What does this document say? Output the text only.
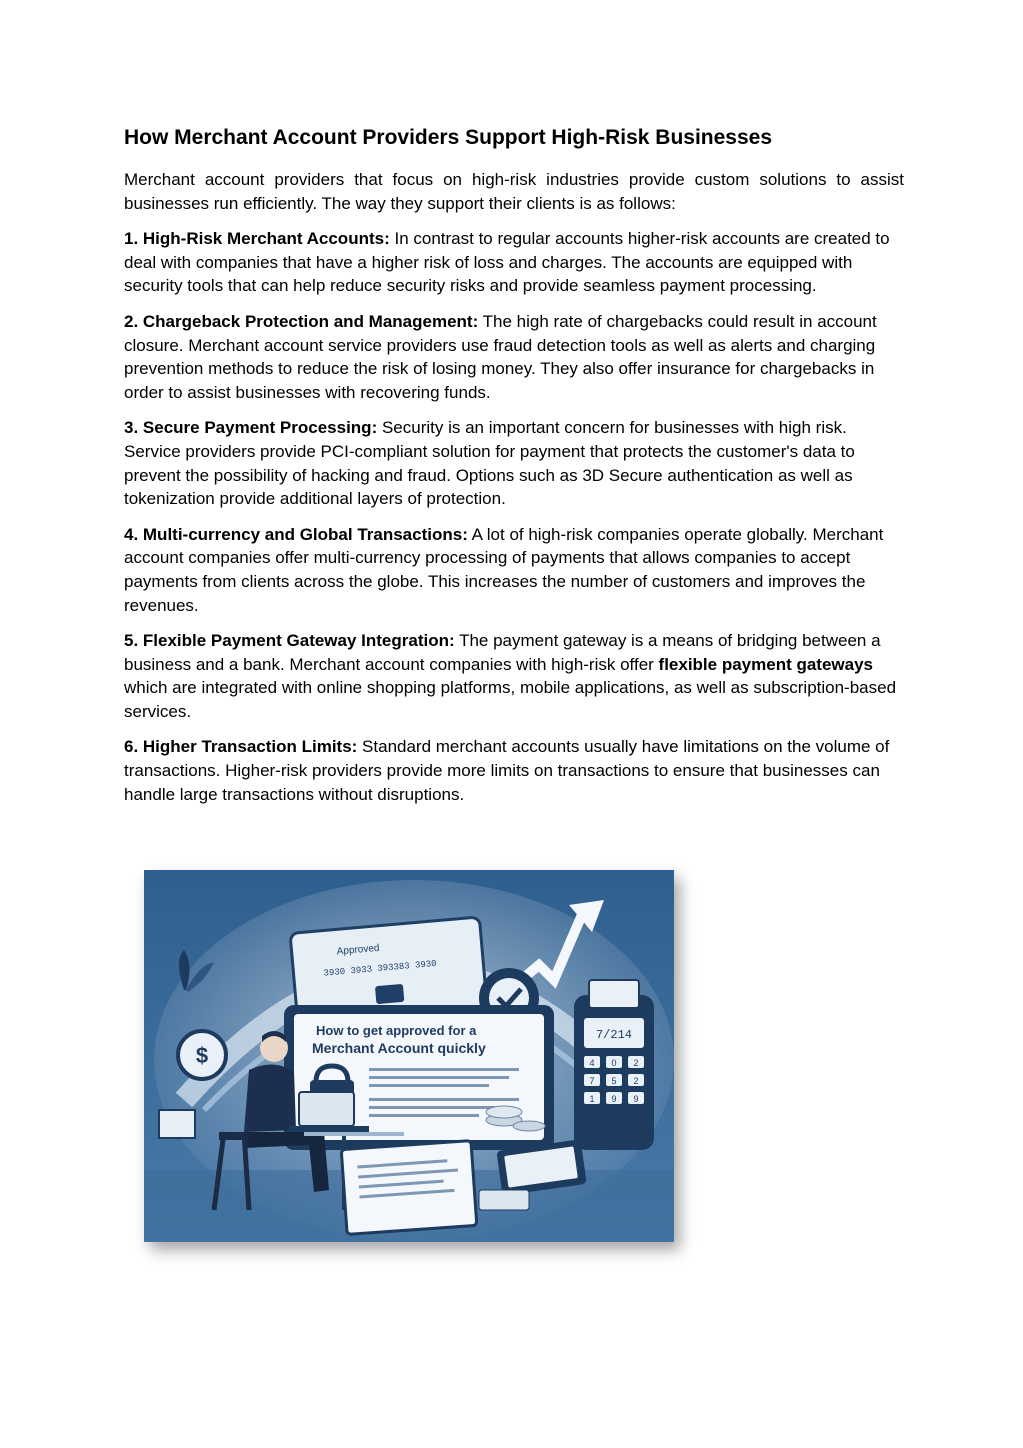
How Merchant Account Providers Support High-Risk Businesses

Merchant account providers that focus on high-risk industries provide custom solutions to assist businesses run efficiently. The way they support their clients is as follows:

1. High-Risk Merchant Accounts: In contrast to regular accounts higher-risk accounts are created to deal with companies that have a higher risk of loss and charges. The accounts are equipped with security tools that can help reduce security risks and provide seamless payment processing.

2. Chargeback Protection and Management: The high rate of chargebacks could result in account closure. Merchant account service providers use fraud detection tools as well as alerts and charging prevention methods to reduce the risk of losing money. They also offer insurance for chargebacks in order to assist businesses with recovering funds.

3. Secure Payment Processing: Security is an important concern for businesses with high risk. Service providers provide PCI-compliant solution for payment that protects the customer's data to prevent the possibility of hacking and fraud. Options such as 3D Secure authentication as well as tokenization provide additional layers of protection.

4. Multi-currency and Global Transactions: A lot of high-risk companies operate globally. Merchant account companies offer multi-currency processing of payments that allows companies to accept payments from clients across the globe. This increases the number of customers and improves the revenues.

5. Flexible Payment Gateway Integration: The payment gateway is a means of bridging between a business and a bank. Merchant account companies with high-risk offer flexible payment gateways which are integrated with online shopping platforms, mobile applications, as well as subscription-based services.

6. Higher Transaction Limits: Standard merchant accounts usually have limitations on the volume of transactions. Higher-risk providers provide more limits on transactions to ensure that businesses can handle large transactions without disruptions.

Approved
3930 3933 393383 3930
How to get approved for a
Merchant Account quickly
$
7/214
4 0 2
7 5 2
1 9 9
